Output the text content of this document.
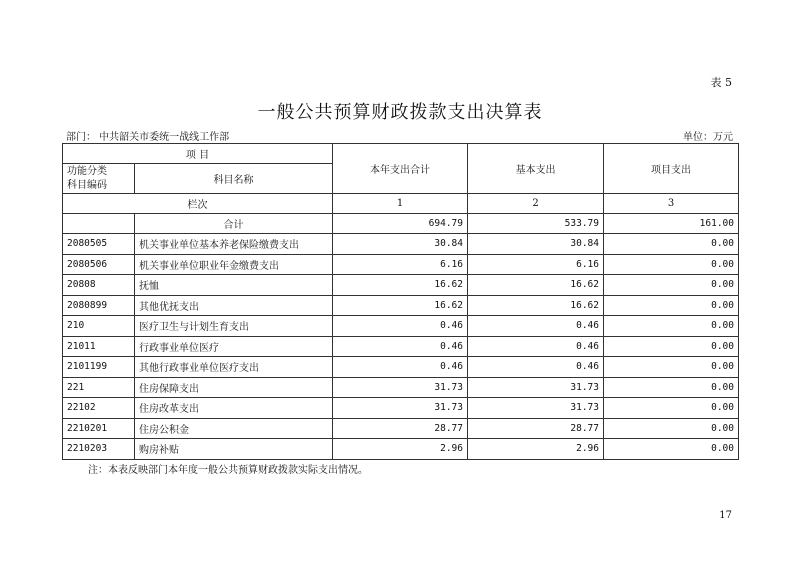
表 5
一般公共预算财政拨款支出决算表
部门： 中共韶关市委统一战线工作部	单位：万元
项 目		本年支出合计	基本支出	项目支出
功能分类
科目编码	科目名称			
栏次		1	2	3
	合计	694.79	533.79	161.00
2080505	机关事业单位基本养老保险缴费支出	30.84	30.84	0.00
2080506	机关事业单位职业年金缴费支出	6.16	6.16	0.00
20808	抚恤	16.62	16.62	0.00
2080899	其他优抚支出	16.62	16.62	0.00
210	医疗卫生与计划生育支出	0.46	0.46	0.00
21011	行政事业单位医疗	0.46	0.46	0.00
2101199	其他行政事业单位医疗支出	0.46	0.46	0.00
221	住房保障支出	31.73	31.73	0.00
22102	住房改革支出	31.73	31.73	0.00
2210201	住房公积金	28.77	28.77	0.00
2210203	购房补贴	2.96	2.96	0.00
注：本表反映部门本年度一般公共预算财政拨款实际支出情况。
17
